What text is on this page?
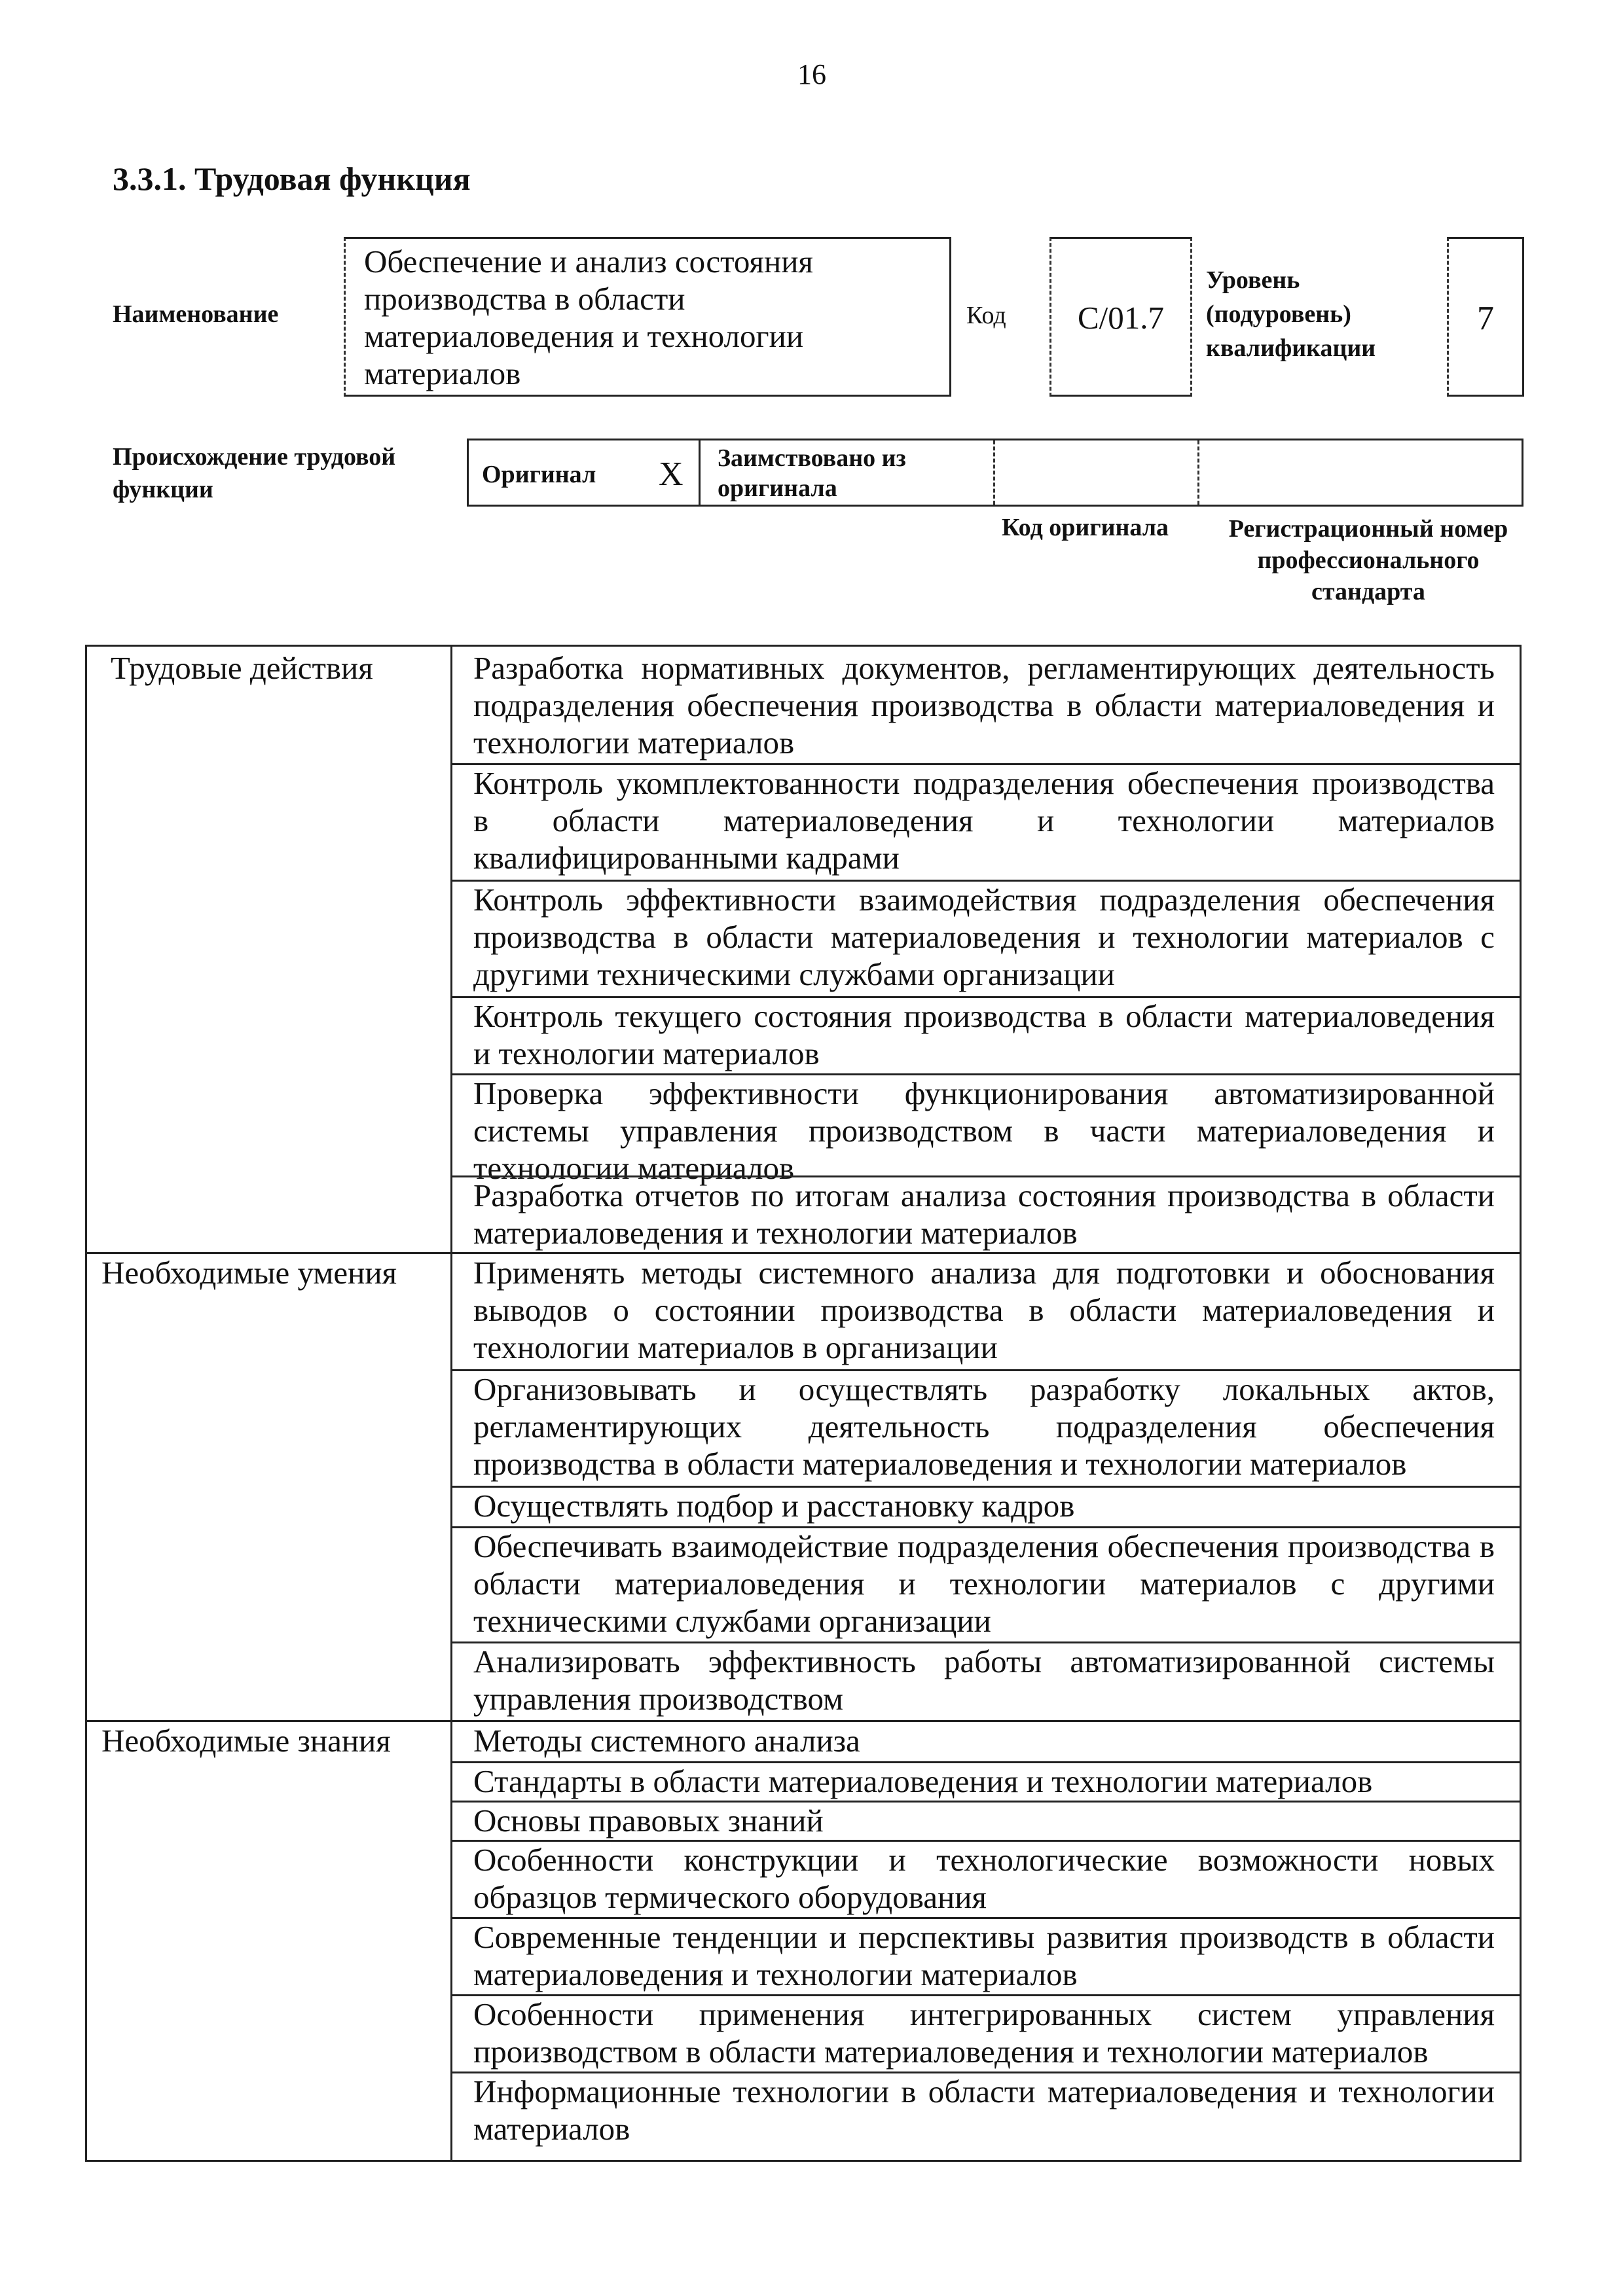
16
3.3.1. Трудовая функция
Наименование
Обеспечение и анализ состояния
производства в области
материаловедения и технологии
материалов
Код	C/01.7
Уровень
(подуровень)
квалификации
7
Происхождение трудовой
функции
Оригинал X Заимствовано из
оригинала
Код оригинала	Регистрационный номер
профессионального
стандарта
Трудовые действия
Необходимые умения
Необходимые знания
Разработка нормативных документов, регламентирующих деятельность подразделения обеспечения производства в области материаловедения и технологии материалов
Контроль укомплектованности подразделения обеспечения производства в области материаловедения и технологии материалов квалифицированными кадрами
Контроль эффективности взаимодействия подразделения обеспечения производства в области материаловедения и технологии материалов с другими техническими службами организации
Контроль текущего состояния производства в области материаловедения и технологии материалов
Проверка эффективности функционирования автоматизированной системы управления производством в части материаловедения и технологии материалов
Разработка отчетов по итогам анализа состояния производства в области материаловедения и технологии материалов
Применять методы системного анализа для подготовки и обоснования выводов о состоянии производства в области материаловедения и технологии материалов в организации
Организовывать и осуществлять разработку локальных актов, регламентирующих деятельность подразделения обеспечения производства в области материаловедения и технологии материалов
Осуществлять подбор и расстановку кадров
Обеспечивать взаимодействие подразделения обеспечения производства в области материаловедения и технологии материалов с другими техническими службами организации
Анализировать эффективность работы автоматизированной системы управления производством
Методы системного анализа
Стандарты в области материаловедения и технологии материалов
Основы правовых знаний
Особенности конструкции и технологические возможности новых образцов термического оборудования
Современные тенденции и перспективы развития производств в области материаловедения и технологии материалов
Особенности применения интегрированных систем управления производством в области материаловедения и технологии материалов
Информационные технологии в области материаловедения и технологии материалов
